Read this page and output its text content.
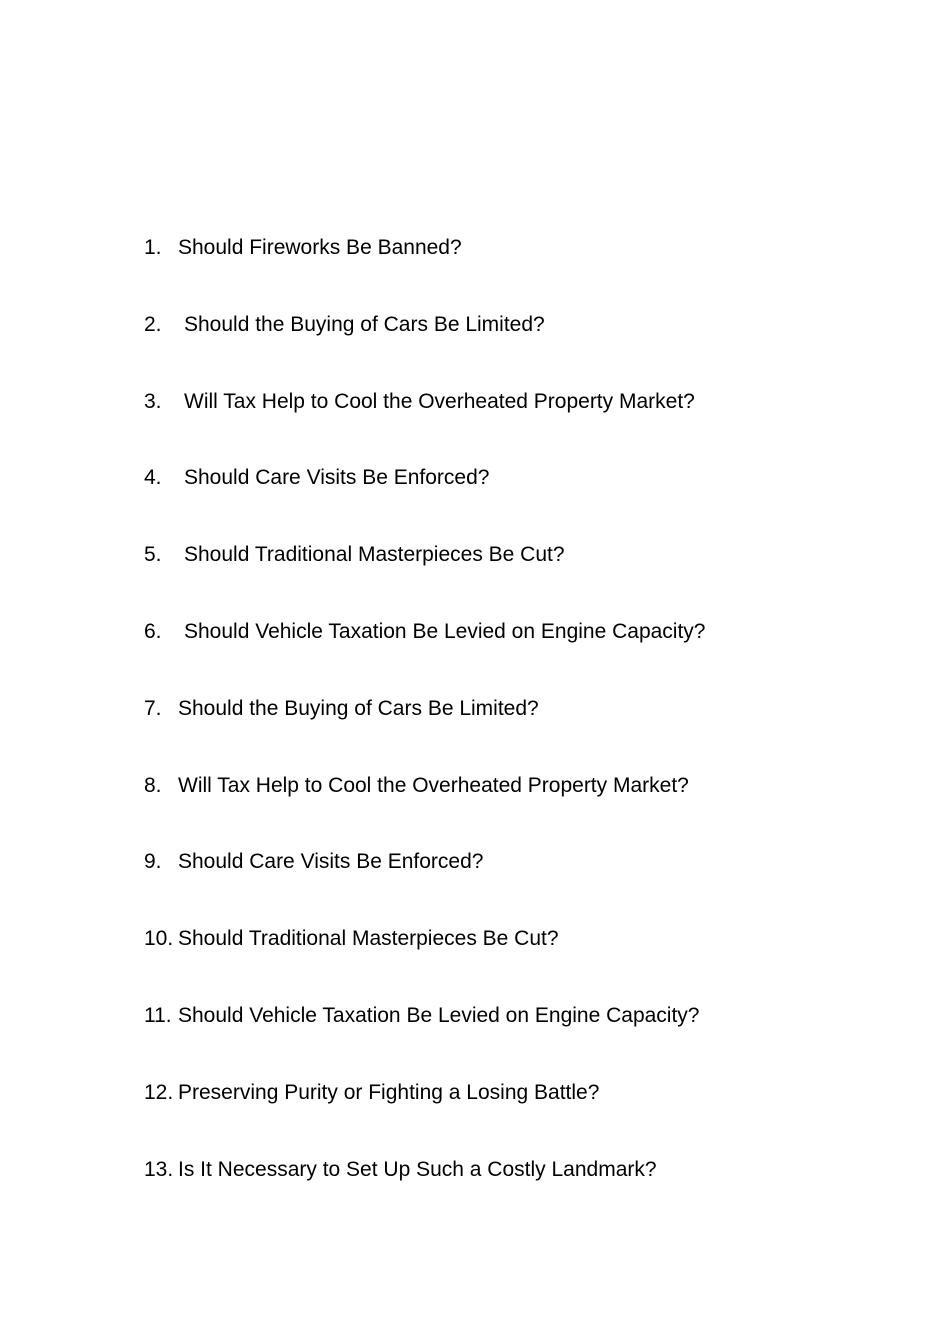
1. Should Fireworks Be Banned?
2. Should the Buying of Cars Be Limited?
3. Will Tax Help to Cool the Overheated Property Market?
4. Should Care Visits Be Enforced?
5. Should Traditional Masterpieces Be Cut?
6. Should Vehicle Taxation Be Levied on Engine Capacity?
7. Should the Buying of Cars Be Limited?
8. Will Tax Help to Cool the Overheated Property Market?
9. Should Care Visits Be Enforced?
10. Should Traditional Masterpieces Be Cut?
11. Should Vehicle Taxation Be Levied on Engine Capacity?
12. Preserving Purity or Fighting a Losing Battle?
13. Is It Necessary to Set Up Such a Costly Landmark?
